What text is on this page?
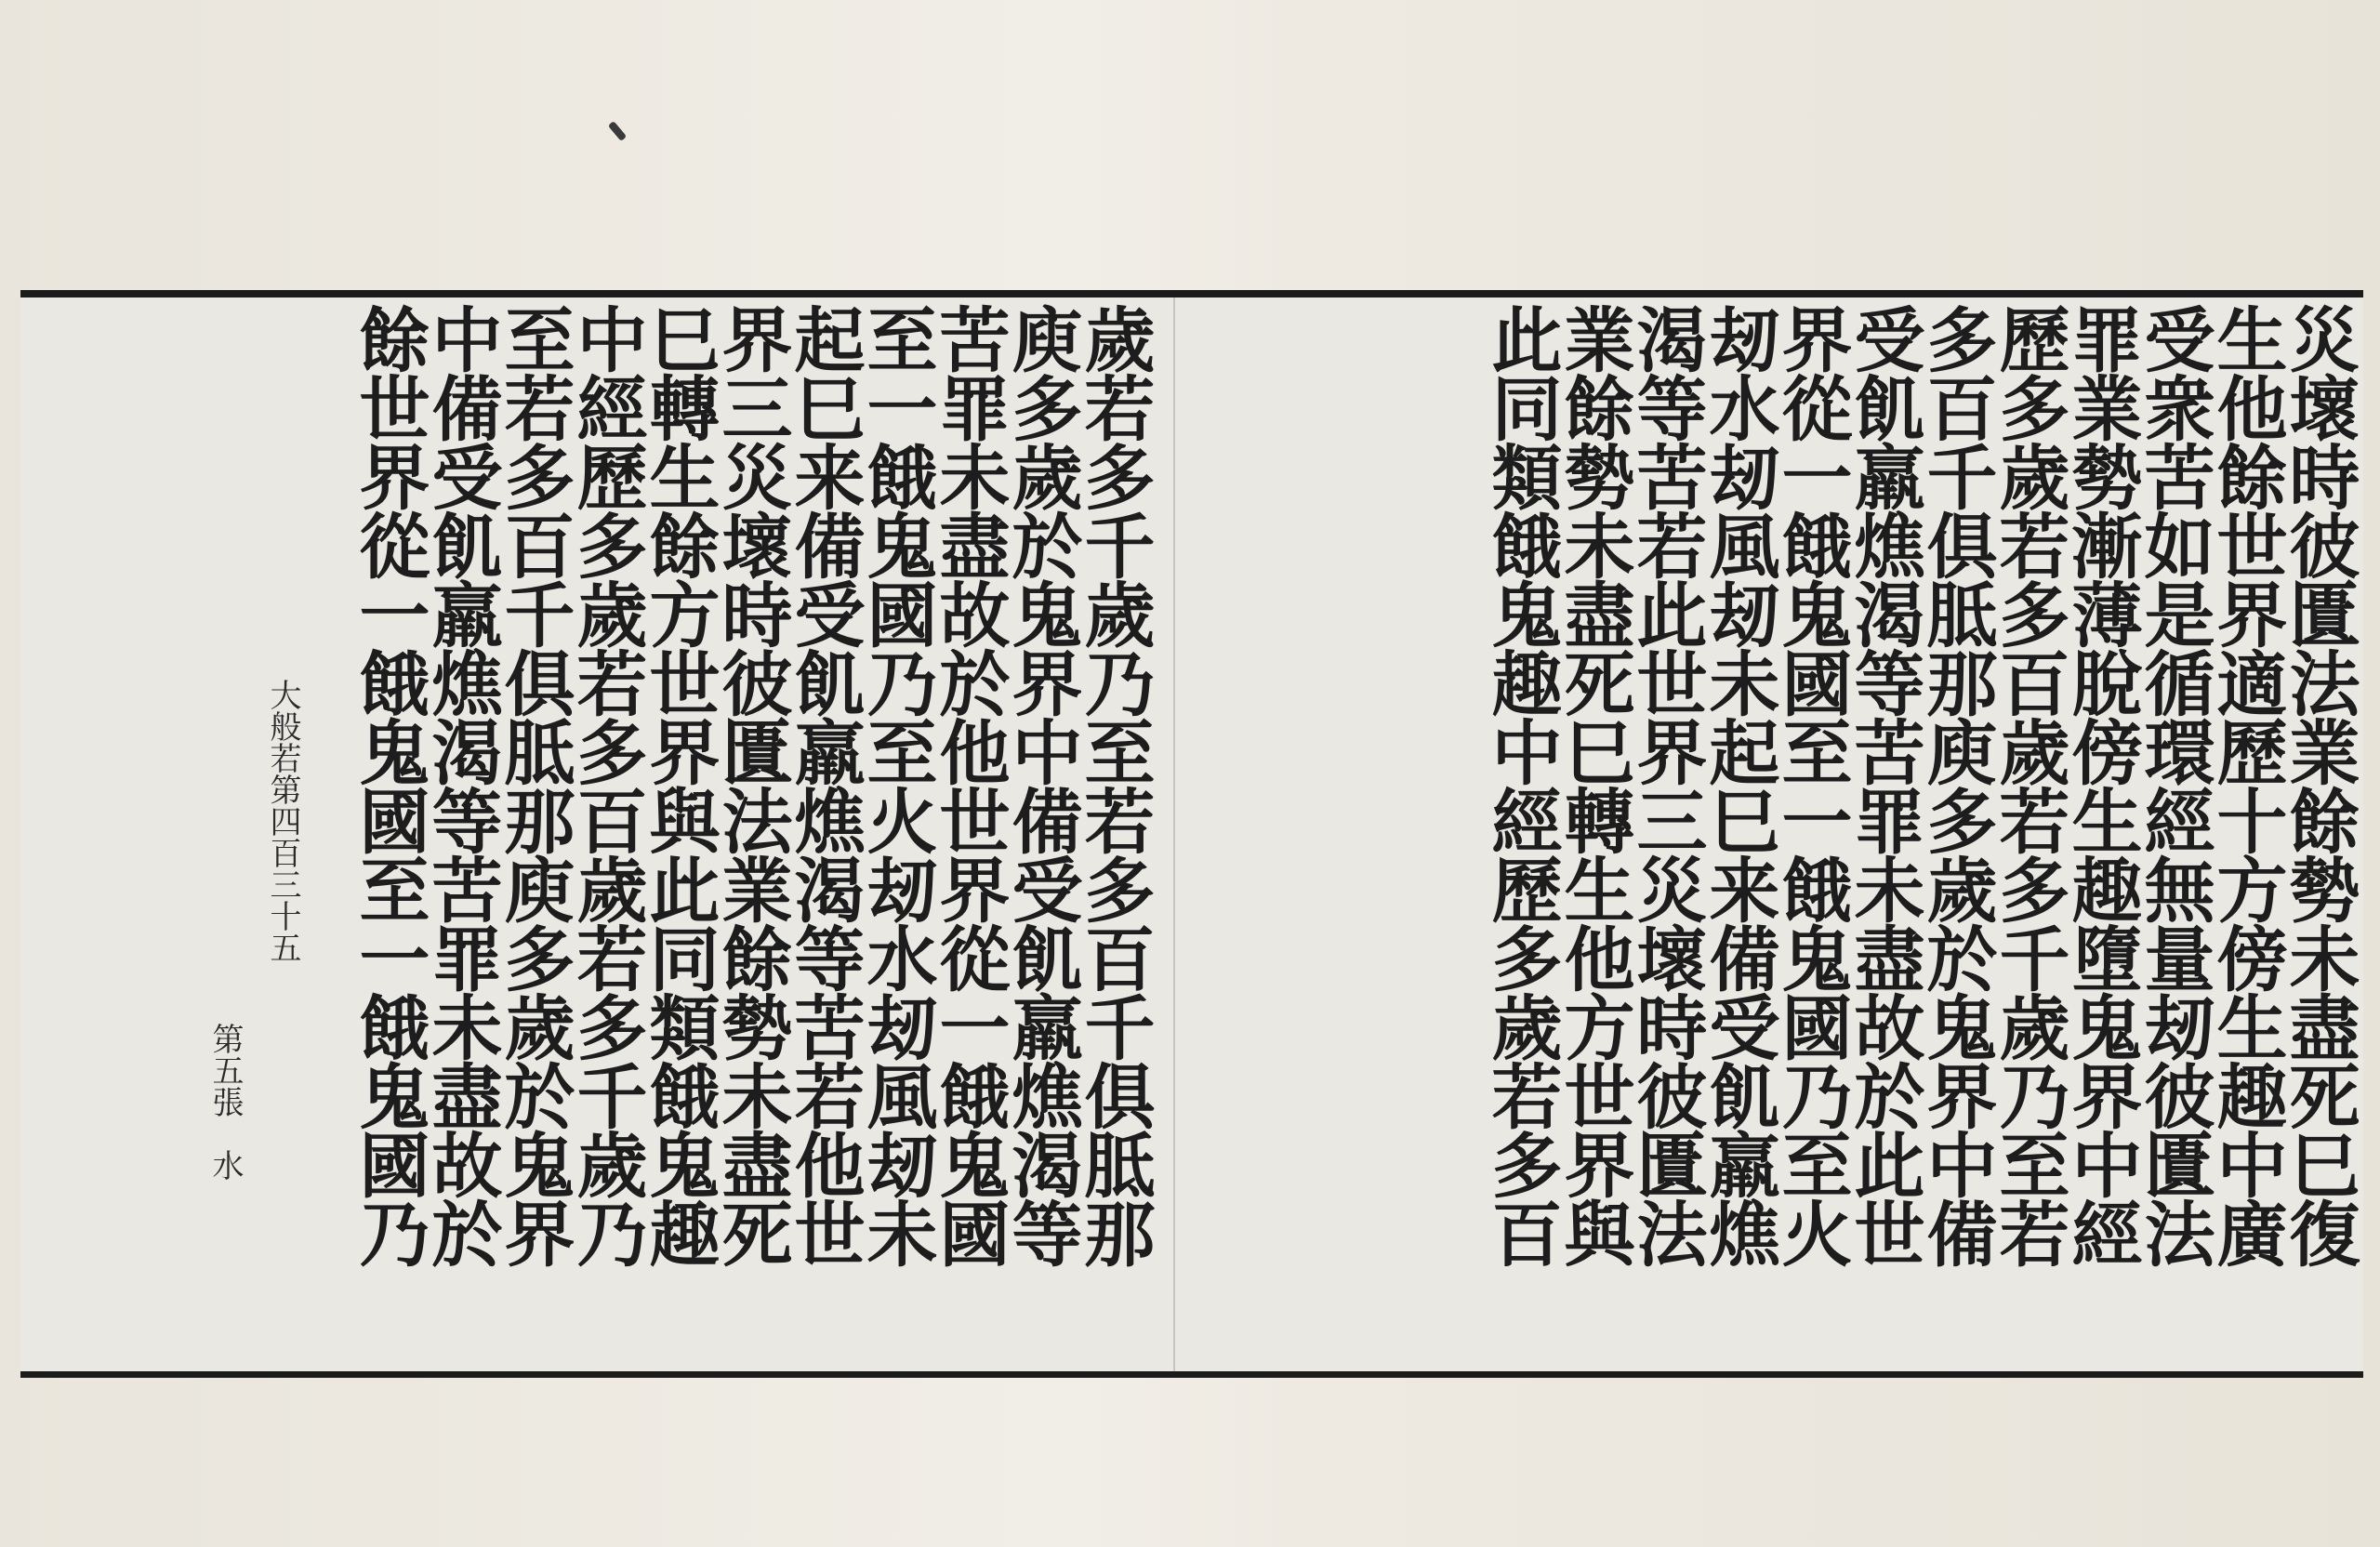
災壞時彼匱法業餘勢未盡死巳復
生他餘世界適歷十方傍生趣中廣
受衆苦如是循環經無量刼彼匱法
罪業勢漸薄脫傍生趣墮鬼界中經
歷多歲若多百歲若多千歲乃至若
多百千俱胝那庾多歲於鬼界中備
受飢羸燋渴等苦罪未盡故於此世
界從一餓鬼國至一餓鬼國乃至火
刼水刼風刼未起巳来備受飢羸燋
渴等苦若此世界三災壞時彼匱法
業餘勢未盡死巳轉生他方世界與
此同類餓鬼趣中經歷多歲若多百
歲若多千歲乃至若多百千俱胝那
庾多歲於鬼界中備受飢羸燋渴等
苦罪未盡故於他世界從一餓鬼國
至一餓鬼國乃至火刼水刼風刼未
起巳来備受飢羸燋渴等苦若他世
界三災壞時彼匱法業餘勢未盡死
巳轉生餘方世界與此同類餓鬼趣
中經歷多歲若多百歲若多千歲乃
至若多百千俱胝那庾多歲於鬼界
中備受飢羸燋渴等苦罪未盡故於
餘世界從一餓鬼國至一餓鬼國乃
大般若第四百三十五
第五張　水
